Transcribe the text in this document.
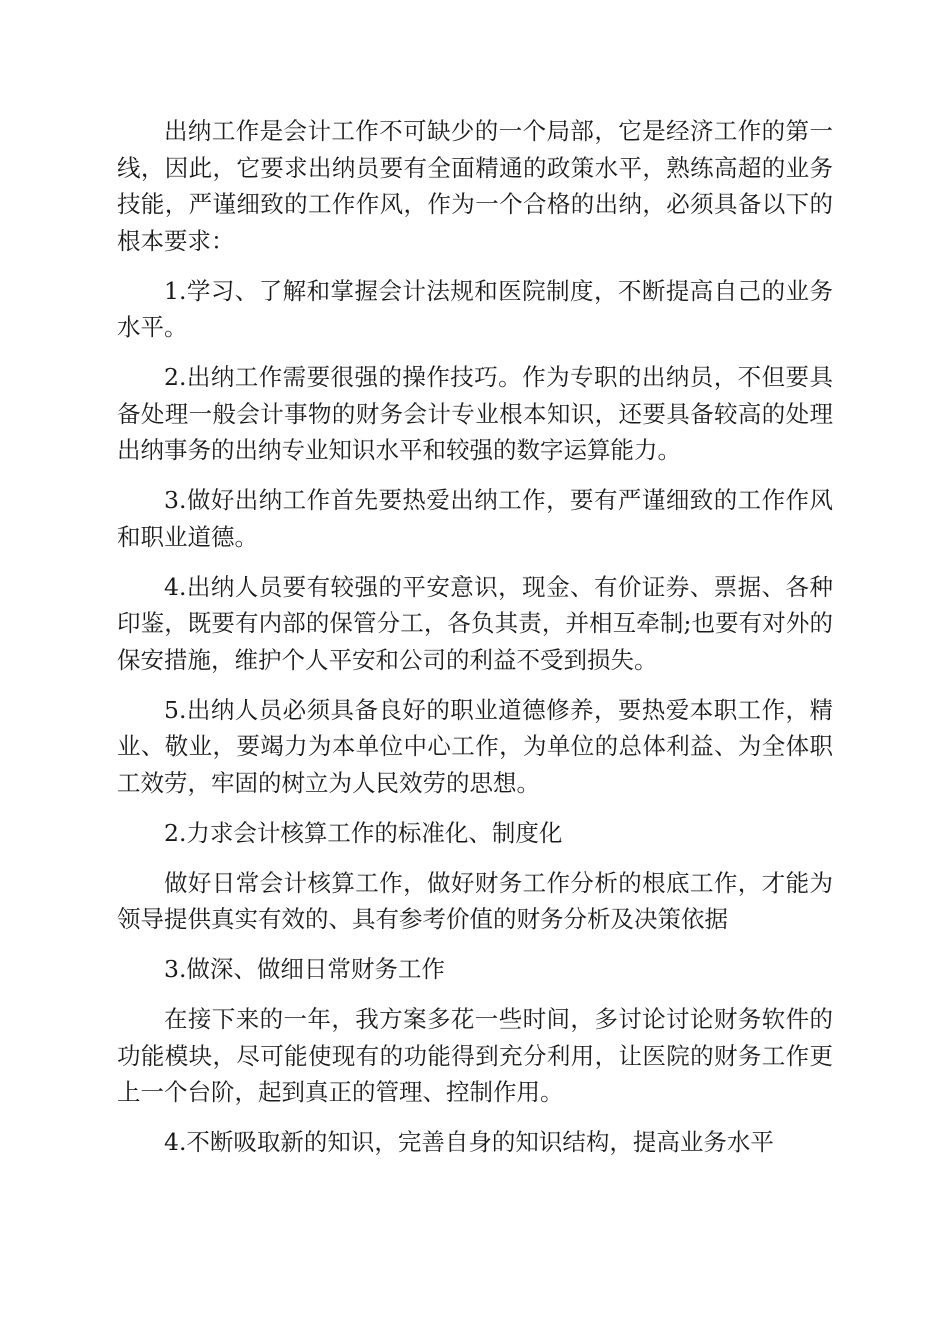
出纳工作是会计工作不可缺少的一个局部，它是经济工作的第一线，因此，它要求出纳员要有全面精通的政策水平，熟练高超的业务技能，严谨细致的工作作风，作为一个合格的出纳，必须具备以下的根本要求：

1.学习、了解和掌握会计法规和医院制度，不断提高自己的业务水平。

2.出纳工作需要很强的操作技巧。作为专职的出纳员，不但要具备处理一般会计事物的财务会计专业根本知识，还要具备较高的处理出纳事务的出纳专业知识水平和较强的数字运算能力。

3.做好出纳工作首先要热爱出纳工作，要有严谨细致的工作作风和职业道德。

4.出纳人员要有较强的平安意识，现金、有价证券、票据、各种印鉴，既要有内部的保管分工，各负其责，并相互牵制;也要有对外的保安措施，维护个人平安和公司的利益不受到损失。

5.出纳人员必须具备良好的职业道德修养，要热爱本职工作，精业、敬业，要竭力为本单位中心工作，为单位的总体利益、为全体职工效劳，牢固的树立为人民效劳的思想。

2.力求会计核算工作的标准化、制度化

做好日常会计核算工作，做好财务工作分析的根底工作，才能为领导提供真实有效的、具有参考价值的财务分析及决策依据

3.做深、做细日常财务工作

在接下来的一年，我方案多花一些时间，多讨论讨论财务软件的功能模块，尽可能使现有的功能得到充分利用，让医院的财务工作更上一个台阶，起到真正的管理、控制作用。

4.不断吸取新的知识，完善自身的知识结构，提高业务水平
